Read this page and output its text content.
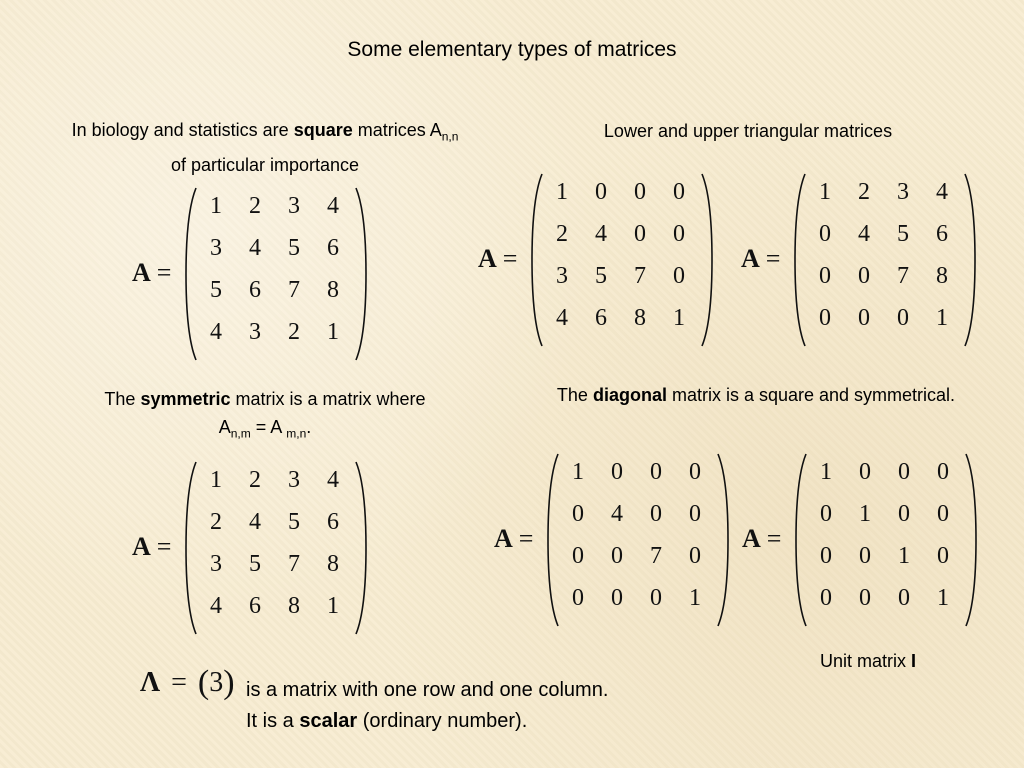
Some elementary types of matrices
In biology and statistics are square matrices $A_{n,n}$
of particular importance
Lower and upper triangular matrices
The symmetric matrix is a matrix where
$A_{n,m} = A$ $_{m,n}$.
The diagonal matrix is a square and symmetrical.
Unit matrix I
A =
1	2	3	4
3	4	5	6
5	6	7	8
4	3	2	1
A =
1	0	0	0
2	4	0	0
3	5	7	0
4	6	8	1
A =
1	2	3	4
0	4	5	6
0	0	7	8
0	0	0	1
A =
1	2	3	4
2	4	5	6
3	5	7	8
4	6	8	1
A =
1	0	0	0
0	4	0	0
0	0	7	0
0	0	0	1
A =
1	0	0	0
0	1	0	0
0	0	1	0
0	0	0	1
Λ = (3) is a matrix with one row and one column.
It is a scalar (ordinary number).
